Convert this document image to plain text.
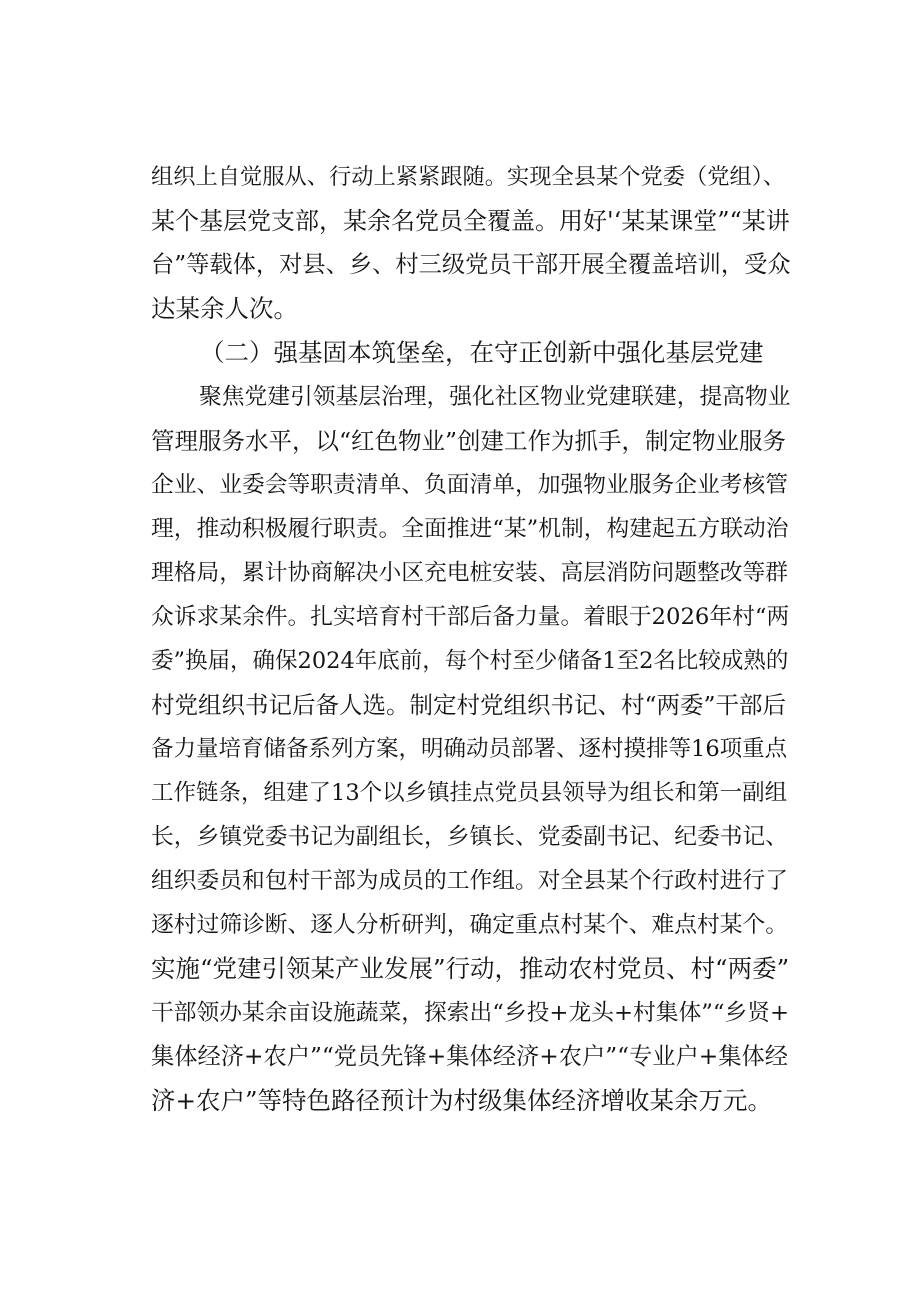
组织上自觉服从、行动上紧紧跟随。实现全县某个党委（党组）、
某个基层党支部，某余名党员全覆盖。用好'‘某某课堂”“某讲
台”等载体，对县、乡、村三级党员干部开展全覆盖培训，受众
达某余人次。
（二）强基固本筑堡垒，在守正创新中强化基层党建
聚焦党建引领基层治理，强化社区物业党建联建，提高物业
管理服务水平，以“红色物业”创建工作为抓手，制定物业服务
企业、业委会等职责清单、负面清单，加强物业服务企业考核管
理，推动积极履行职责。全面推进“某”机制，构建起五方联动治
理格局，累计协商解决小区充电桩安装、高层消防问题整改等群
众诉求某余件。扎实培育村干部后备力量。着眼于2026年村“两
委”换届，确保2024年底前，每个村至少储备1至2名比较成熟的
村党组织书记后备人选。制定村党组织书记、村“两委”干部后
备力量培育储备系列方案，明确动员部署、逐村摸排等16项重点
工作链条，组建了13个以乡镇挂点党员县领导为组长和第一副组
长，乡镇党委书记为副组长，乡镇长、党委副书记、纪委书记、
组织委员和包村干部为成员的工作组。对全县某个行政村进行了
逐村过筛诊断、逐人分析研判，确定重点村某个、难点村某个。
实施“党建引领某产业发展”行动，推动农村党员、村“两委”
干部领办某余亩设施蔬菜，探索出“乡投+龙头+村集体”“乡贤+
集体经济+农户”“党员先锋+集体经济+农户”“专业户+集体经
济+农户”等特色路径预计为村级集体经济增收某余万元。
